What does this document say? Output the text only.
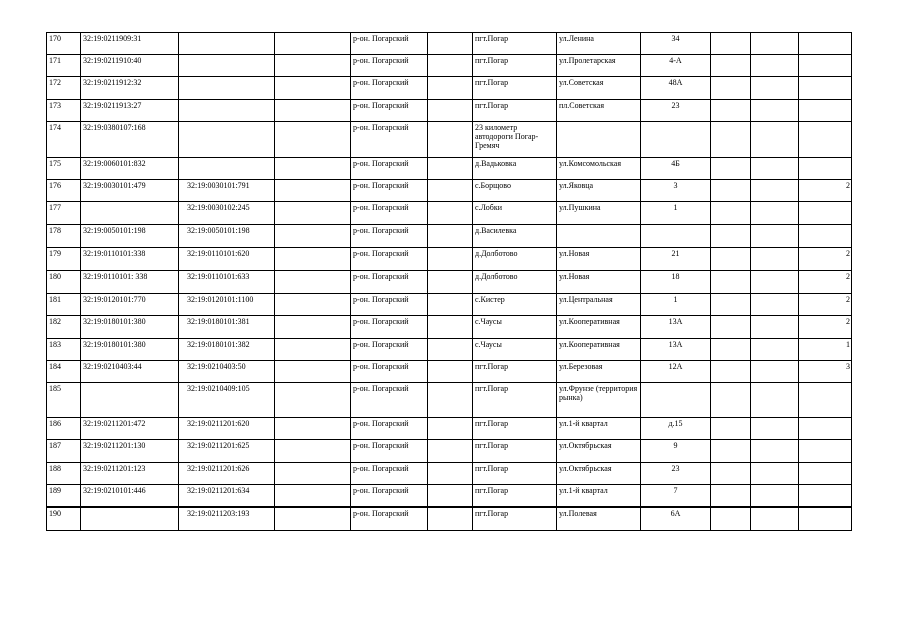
170	32:19:0211909:31			р-он. Погарский		пгт.Погар	ул.Ленина	34			
171	32:19:0211910:40			р-он. Погарский		пгт.Погар	ул.Пролетарская	4-А			
172	32:19:0211912:32			р-он. Погарский		пгт.Погар	ул.Советская	48А			
173	32:19:0211913:27			р-он. Погарский		пгт.Погар	пл.Советская	23			
174	32:19:0380107:168			р-он. Погарский		23 километр автодороги Погар-Гремяч					
175	32:19:0060101:832			р-он. Погарский		д.Вадьковка	ул.Комсомольская	4Б			
176	32:19:0030101:479	32:19:0030101:791		р-он. Погарский		с.Борщово	ул.Яковца	3			2
177		32:19:0030102:245		р-он. Погарский		с.Лобки	ул.Пушкина	1			
178	32:19:0050101:198	32:19:0050101:198		р-он. Погарский		д.Василевка					
179	32:19:0110101:338	32:19:0110101:620		р-он. Погарский		д.Долботово	ул.Новая	21			2
180	32:19:0110101: 338	32:19:0110101:633		р-он. Погарский		д.Долботово	ул.Новая	18			2
181	32:19:0120101:770	32:19:0120101:1100		р-он. Погарский		с.Кистер	ул.Центральная	1			2
182	32:19:0180101:380	32:19:0180101:381		р-он. Погарский		с.Чаусы	ул.Кооперативная	13А			2
183	32:19:0180101:380	32:19:0180101:382		р-он. Погарский		с.Чаусы	ул.Кооперативная	13А			1
184	32:19:0210403:44	32:19:0210403:50		р-он. Погарский		пгт.Погар	ул.Березовая	12А			3
185		32:19:0210409:105		р-он. Погарский		пгт.Погар	ул.Фрунзе (территория рынка)				
186	32:19:0211201:472	32:19:0211201:620		р-он. Погарский		пгт.Погар	ул.1-й квартал	д.15			
187	32:19:0211201:130	32:19:0211201:625		р-он. Погарский		пгт.Погар	ул.Октябрьская	9			
188	32:19:0211201:123	32:19:0211201:626		р-он. Погарский		пгт.Погар	ул.Октябрьская	23			
189	32:19:0210101:446	32:19:0211201:634		р-он. Погарский		пгт.Погар	ул.1-й квартал	7			
190		32:19:0211203:193		р-он. Погарский		пгт.Погар	ул.Полевая	6А			
